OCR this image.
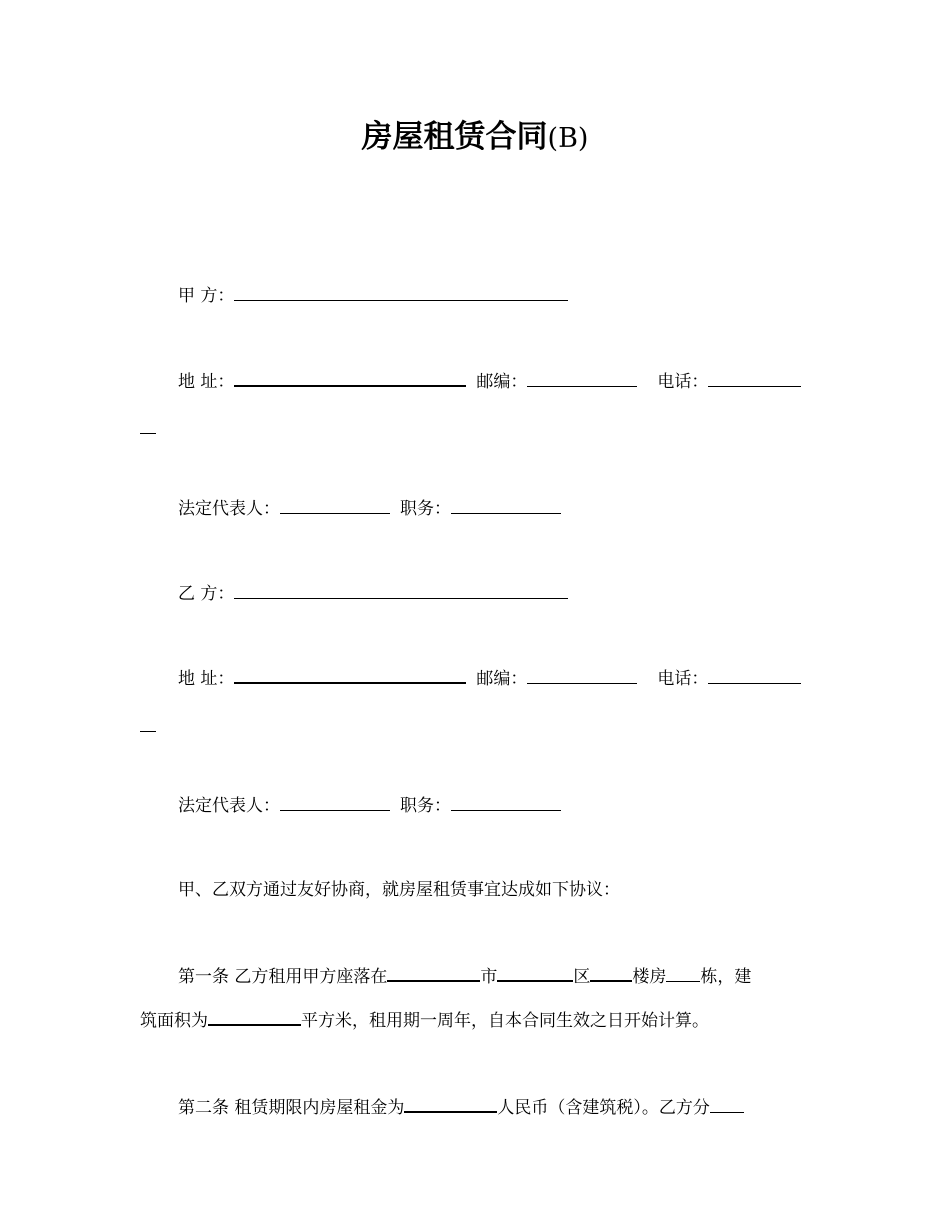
房屋租赁合同(B)
甲 方：
地 址：	邮编：	电话：
法定代表人：	职务：
乙 方：
地 址：	邮编：	电话：
法定代表人：	职务：
甲、乙双方通过友好协商，就房屋租赁事宜达成如下协议：
第一条 乙方租用甲方座落在	市	区 楼房 栋，建
筑面积为	平方米，租用期一周年，自本合同生效之日开始计算。
第二条 租赁期限内房屋租金为	人民币（含建筑税）。乙方分
